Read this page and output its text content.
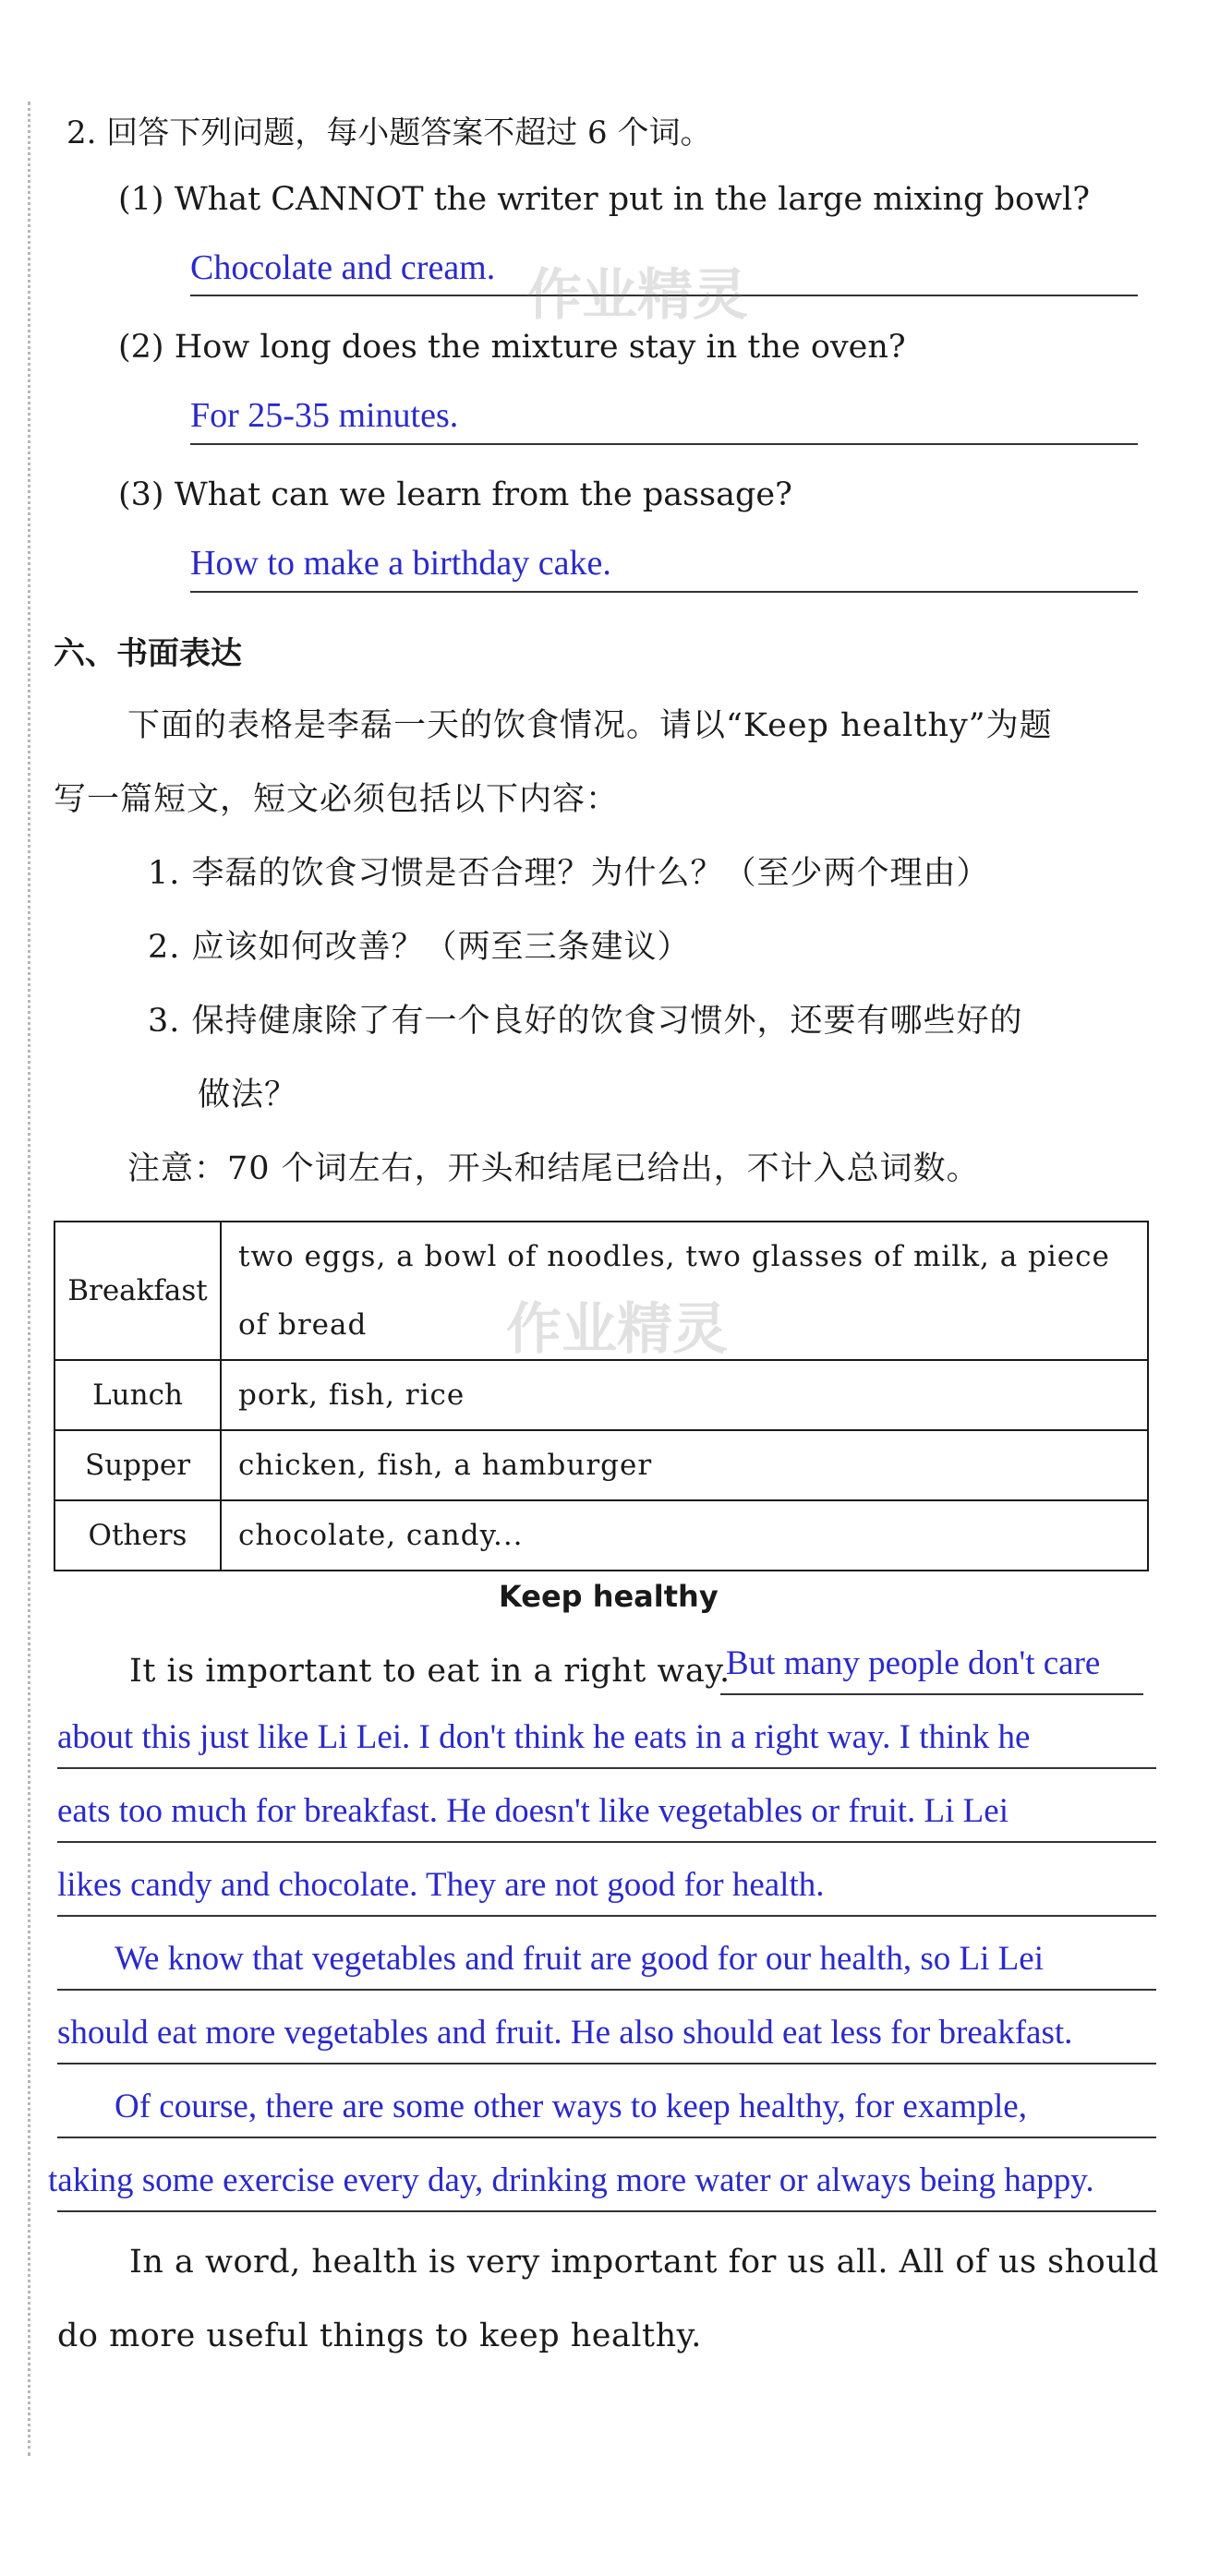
2. 回答下列问题，每小题答案不超过 6 个词。
(1) What CANNOT the writer put in the large mixing bowl?
Chocolate and cream. 作业精灵
(2) How long does the mixture stay in the oven?
For 25-35 minutes.
(3) What can we learn from the passage?
How to make a birthday cake.
六、书面表达
下面的表格是李磊一天的饮食情况。请以“Keep healthy”为题
写一篇短文，短文必须包括以下内容：
1. 李磊的饮食习惯是否合理？为什么？（至少两个理由）
2. 应该如何改善？（两至三条建议）
3. 保持健康除了有一个良好的饮食习惯外，还要有哪些好的
做法？
注意：70 个词左右，开头和结尾已给出，不计入总词数。
Breakfast	two eggs, a bowl of noodles, two glasses of milk, a piece
of bread
Lunch	pork, fish, rice
Supper	chicken, fish, a hamburger
Others	chocolate, candy...
作业精灵
Keep healthy
It is important to eat in a right way.
But many people don't care
about this just like Li Lei. I don't think he eats in a right way. I think he
eats too much for breakfast. He doesn't like vegetables or fruit. Li Lei
likes candy and chocolate. They are not good for health.
We know that vegetables and fruit are good for our health, so Li Lei
should eat more vegetables and fruit. He also should eat less for breakfast.
Of course, there are some other ways to keep healthy, for example,
taking some exercise every day, drinking more water or always being happy.
In a word, health is very important for us all. All of us should
do more useful things to keep healthy.
